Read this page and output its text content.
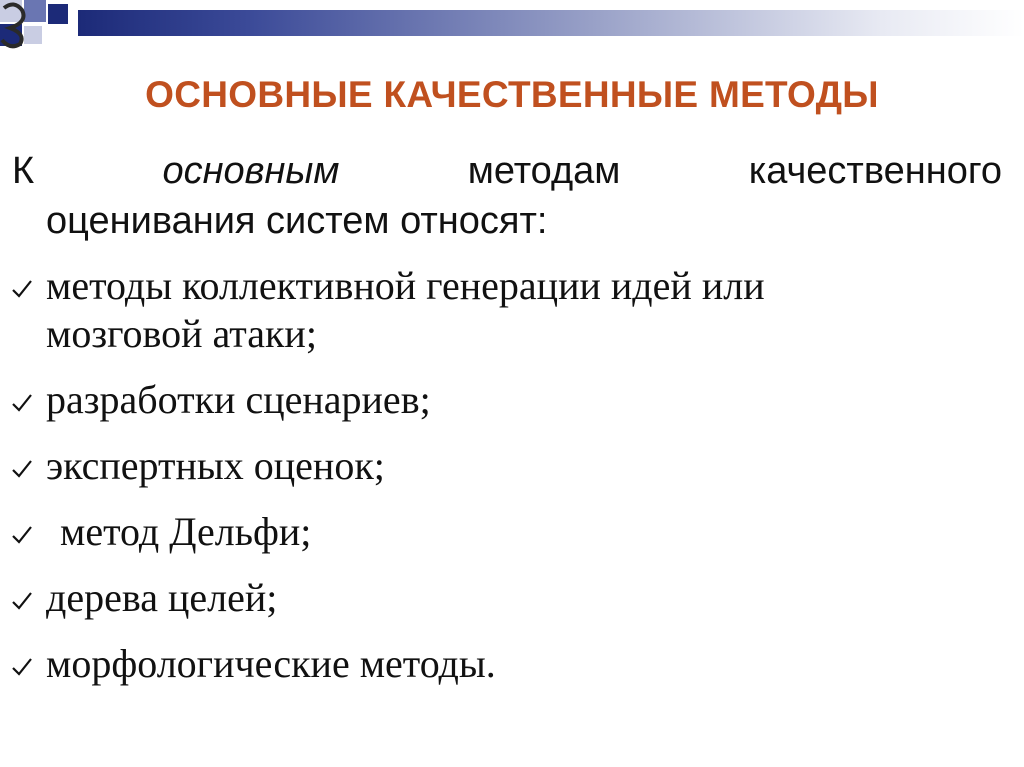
ОСНОВНЫЕ КАЧЕСТВЕННЫЕ МЕТОДЫ
К	основным	методам	качественного
оценивания систем относят:
методы коллективной генерации идей или
мозговой атаки;
разработки сценариев;
экспертных оценок;
метод Дельфи;
дерева целей;
морфологические методы.
